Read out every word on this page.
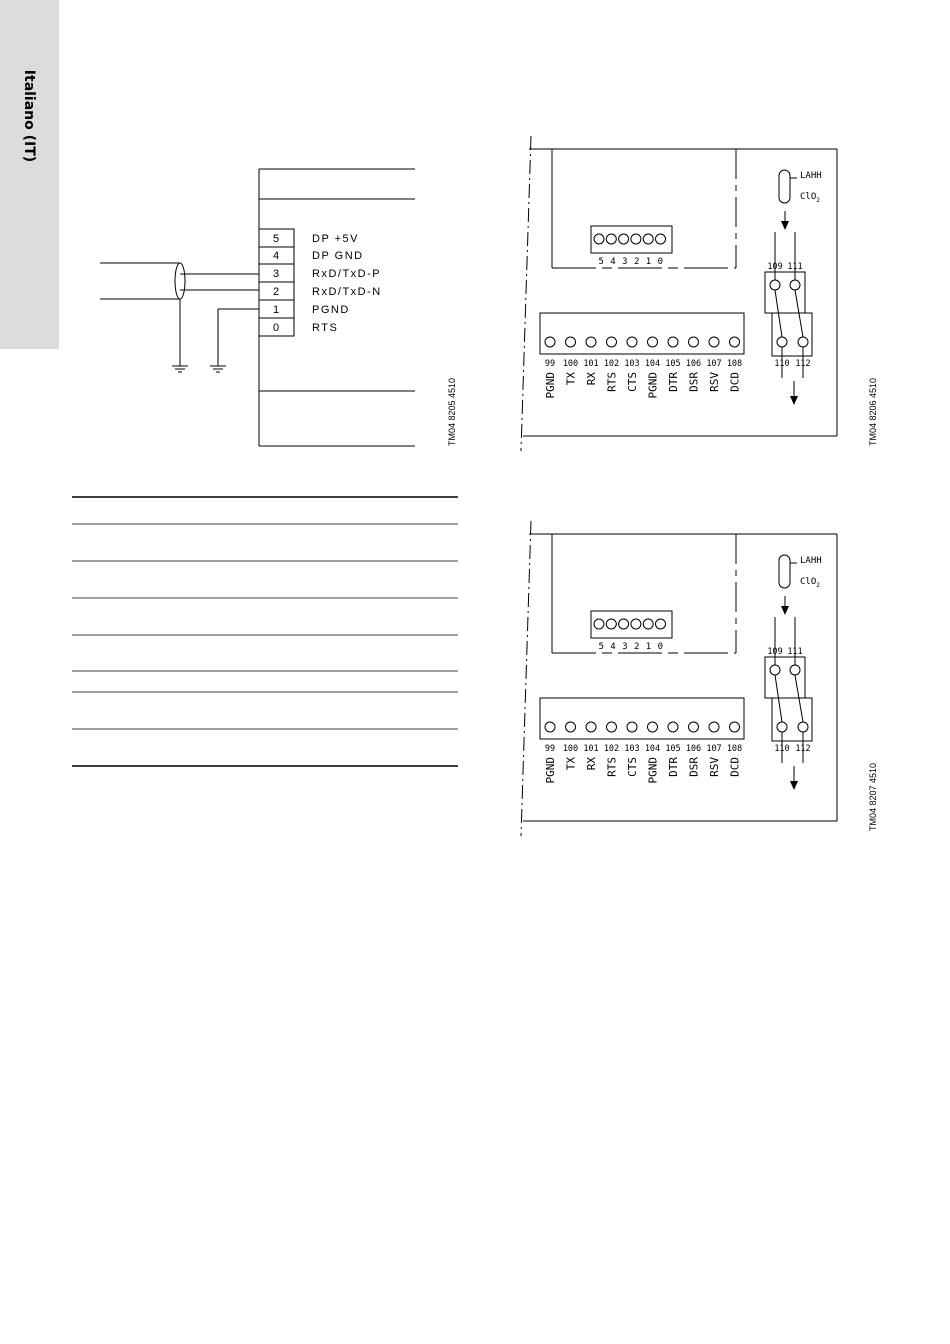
Italiano (IT)
5	DP +5V
4	DP GND
3	RxD/TxD-P
2	RxD/TxD-N
1	PGND
0	RTS
TM04 8205 4510
5 4 3 2 1 0
99
PGND
100
TX
101
RX
102
RTS
103
CTS
104
PGND
105
DTR
106
DSR
107
RSV
108
DCD
LAHH
ClO$_2$
109 111
110 112
TM04 8206 4510
5 4 3 2 1 0
99
PGND
100
TX
101
RX
102
RTS
103
CTS
104
PGND
105
DTR
106
DSR
107
RSV
108
DCD
LAHH
ClO$_2$
109 111
110 112
TM04 8207 4510
